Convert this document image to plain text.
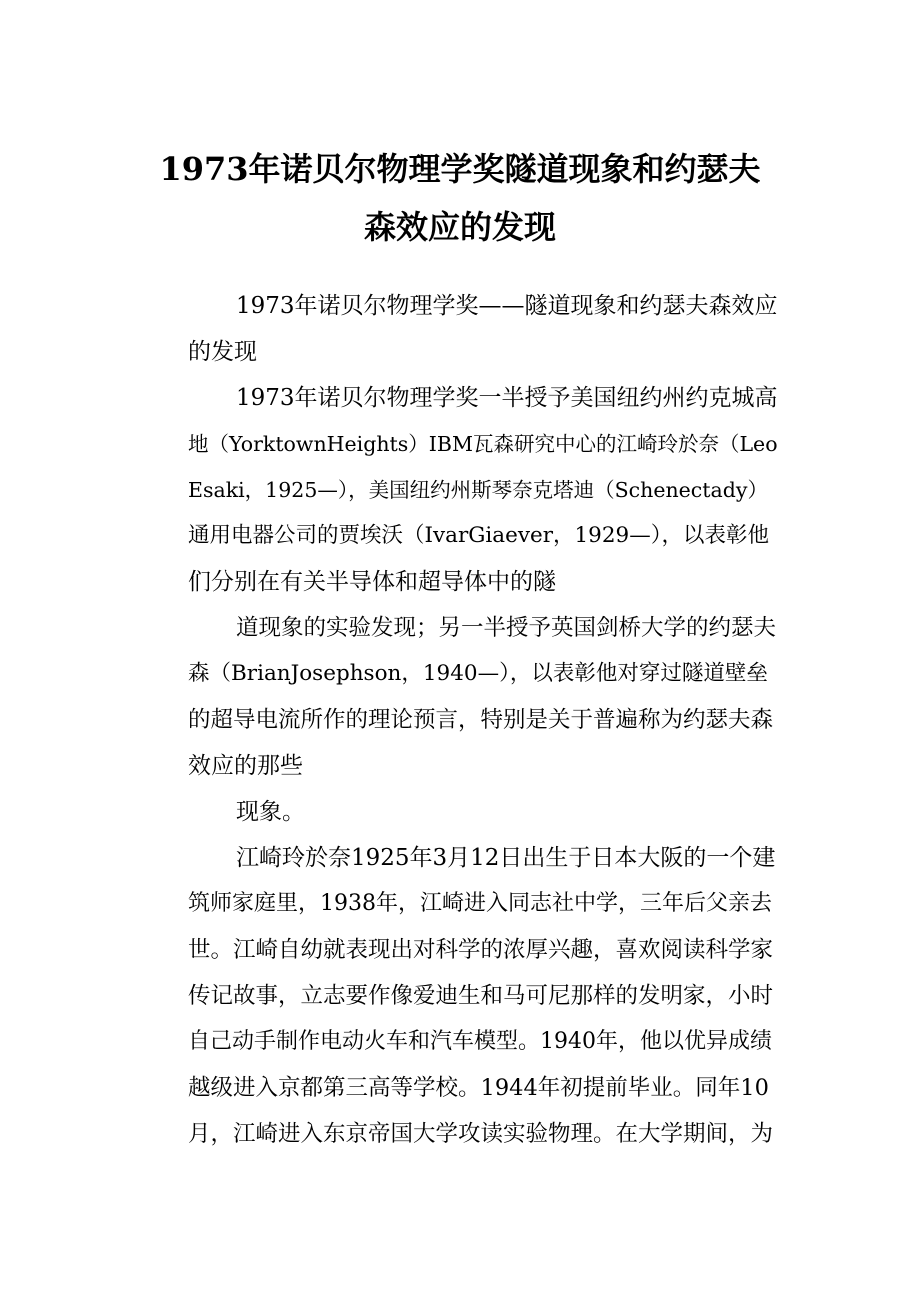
1973年诺贝尔物理学奖隧道现象和约瑟夫
森效应的发现
1973年诺贝尔物理学奖——隧道现象和约瑟夫森效应
的发现
1973年诺贝尔物理学奖一半授予美国纽约州约克城高
地（YorktownHeights）IBM瓦森研究中心的江崎玲於奈（Leo
Esaki，1925—），美国纽约州斯琴奈克塔迪（Schenectady）
通用电器公司的贾埃沃（IvarGiaever，1929—），以表彰他
们分别在有关半导体和超导体中的隧
道现象的实验发现；另一半授予英国剑桥大学的约瑟夫
森（BrianJosephson，1940—），以表彰他对穿过隧道壁垒
的超导电流所作的理论预言，特别是关于普遍称为约瑟夫森
效应的那些
现象。
江崎玲於奈1925年3月12日出生于日本大阪的一个建
筑师家庭里，1938年，江崎进入同志社中学，三年后父亲去
世。江崎自幼就表现出对科学的浓厚兴趣，喜欢阅读科学家
传记故事，立志要作像爱迪生和马可尼那样的发明家，小时
自己动手制作电动火车和汽车模型。1940年，他以优异成绩
越级进入京都第三高等学校。1944年初提前毕业。同年10
月，江崎进入东京帝国大学攻读实验物理。在大学期间，为
